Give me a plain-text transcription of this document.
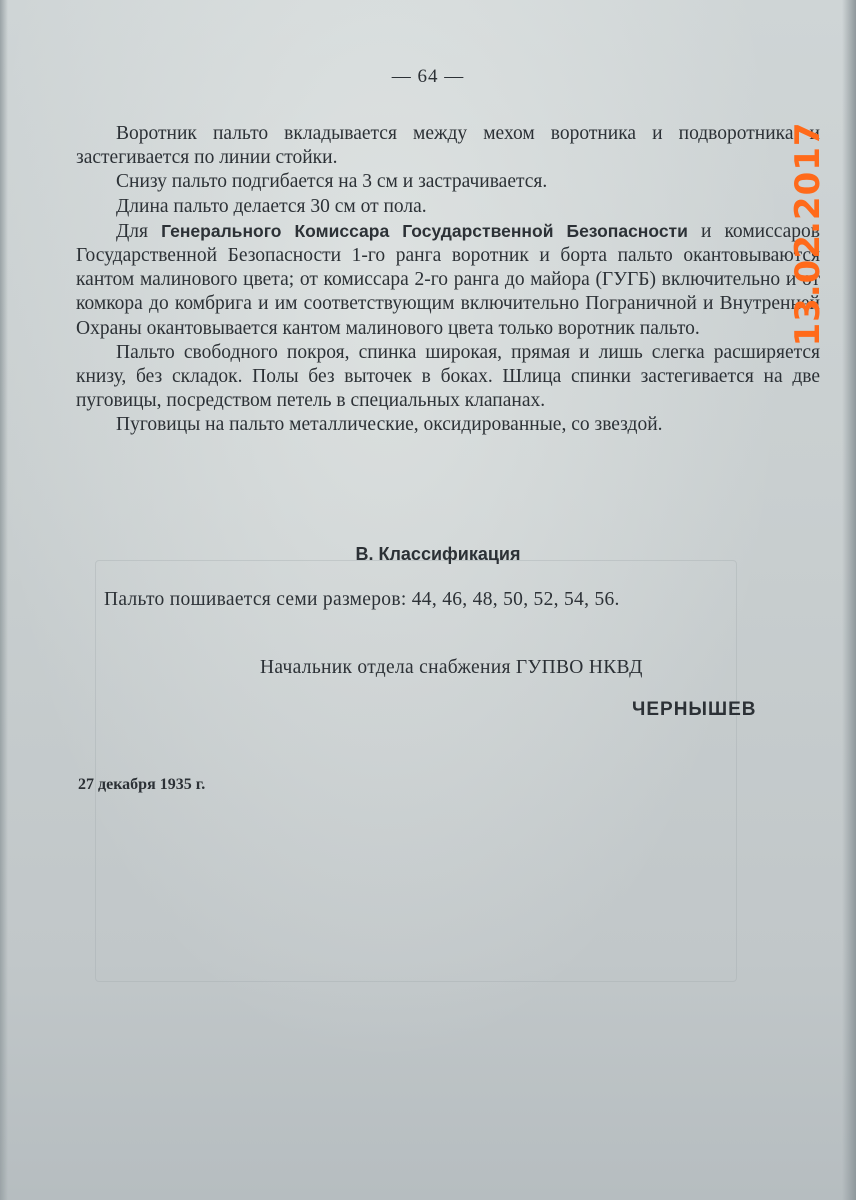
— 64 —

Воротник пальто вкладывается между мехом воротника и подворотника и застегивается по линии стойки.

Снизу пальто подгибается на 3 см и застрачивается.

Длина пальто делается 30 см от пола.

Для Генерального Комиссара Государственной Безопасности и комиссаров Государственной Безопасности 1-го ранга воротник и борта пальто окантовываются кантом малинового цвета; от комиссара 2-го ранга до майора (ГУГБ) включительно и от комкора до комбрига и им соответствующим включительно Пограничной и Внутренней Охраны окантовывается кантом малинового цвета только воротник пальто.

Пальто свободного покроя, спинка широкая, прямая и лишь слегка расширяется книзу, без складок. Полы без выточек в боках. Шлица спинки застегивается на две пуговицы, посредством петель в специальных клапанах.

Пуговицы на пальто металлические, оксидированные, со звездой.

В. Классификация
Пальто пошивается семи размеров: 44, 46, 48, 50, 52, 54, 56.
Начальник отдела снабжения ГУПВО НКВД
ЧЕРНЫШЕВ
27 декабря 1935 г.
13.02.2017
